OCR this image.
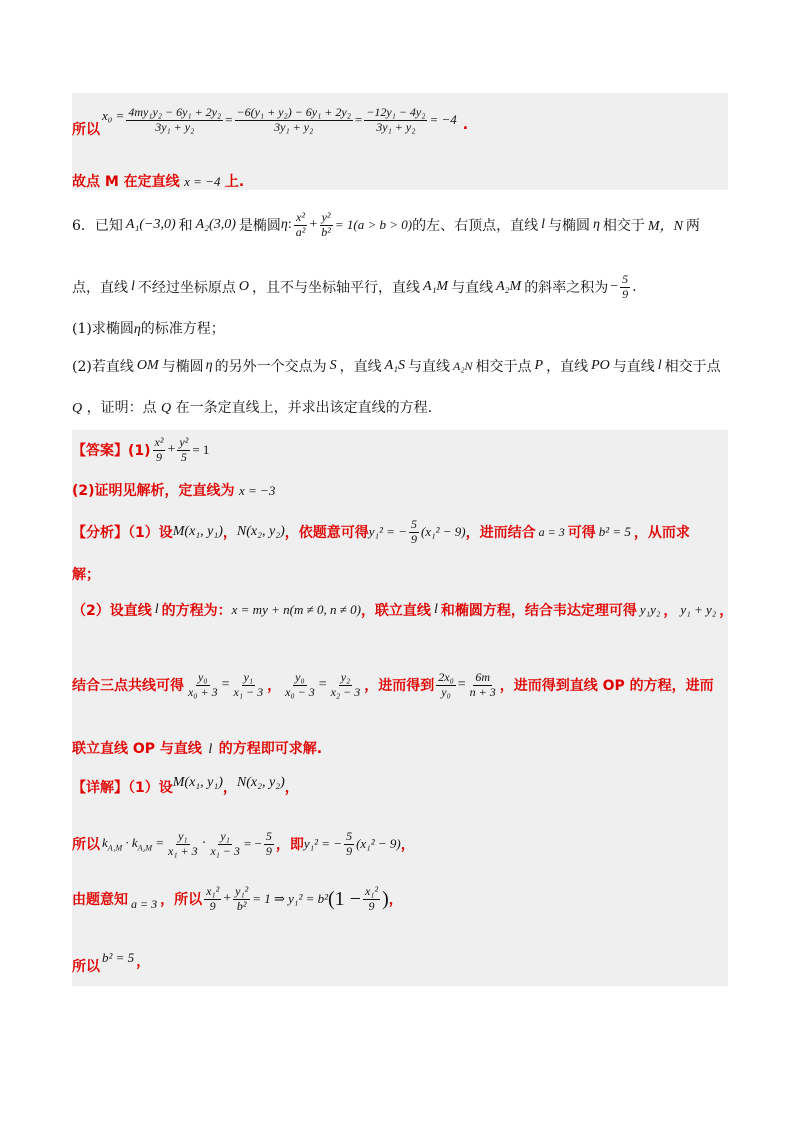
所以
$x_0 = \frac{\text{4my₁y₂ − 6y₁ + 2y₂}}{\text{3y₁ + y₂}} = \frac{\text{−6(y₁ + y₂) − 6y₁ + 2y₂}}{\text{3y₁ + y₂}} = \frac{\text{−12y₁ − 4y₂}}{\text{3y₁ + y₂}} = -4$ .
故点 M 在定直线 x = −4 上.
6．已知 A₁(−3,0) 和 A₂(3,0) 是椭圆 η : $\frac{\text{x²}}{\text{a²}} + \frac{\text{y²}}{\text{b²}} = 1(a > b > 0)$ 的左、右顶点，直线 l 与椭圆 η 相交于 M，N 两
点，直线 l 不经过坐标原点 O ，且不与坐标轴平行，直线 A₁M 与直线 A₂M 的斜率之积为 − $\frac{5}{9}$ .
(1)求椭圆η的标准方程；
(2)若直线 OM 与椭圆 η 的另外一个交点为 S ，直线 A₁S 与直线 A₂N 相交于点 P ，直线 PO 与直线 l 相交于点
Q ，证明：点 Q 在一条定直线上，并求出该定直线的方程.
【答案】$(1) \frac{\text{x²}}{9} + \frac{\text{y²}}{5} = 1$
(2)证明见解析，定直线为 x = −3
【分析】（1）设 M(x₁, y₁) ， N(x₂, y₂) ，依题意可得 y₁² = − $\frac{5}{9} (x_1^2 - 9)$ ，进而结合 a = 3 可得 b² = 5 ，从而求
解；
（2）设直线 l 的方程为： x = my + n(m ≠ 0, n ≠ 0) ，联立直线 l 和椭圆方程，结合韦达定理可得 y₁y₂ ， y₁ + y₂ ，
结合三点共线可得 $\frac{\text{y₀}}{\text{x₀ + 3}} = \frac{\text{y₁}}{\text{x₁ − 3}}$ ， $\frac{\text{y₀}}{\text{x₀ − 3}} = \frac{\text{y₂}}{\text{x₂ − 3}}$ ，进而得到 $\frac{\text{2x₀}}{\text{y₀}} = \frac{6m}{n + 3}$ ，进而得到直线 OP 的方程，进而
联立直线 OP 与直线 l 的方程即可求解.
【详解】（1）设 M(x₁, y₁) ， N(x₂, y₂) ，
所以 $k_{A_1M} \cdot k_{A_2M} = \frac{\text{y₁}}{\text{x₁ + 3}} \cdot \frac{\text{y₁}}{\text{x₁ − 3}}$ = − $\frac{5}{9}$ ，即 y₁² = − $\frac{5}{9} (x_1^2 - 9)$ ，
由题意知 a = 3 ，所以 $\frac{\text{x₁²}}{9} + \frac{\text{y₁²}}{\text{b²}} = 1$ ⇒ y₁² = b² ($1 - \frac{\text{x₁²}}{9}$ ) ，
所以
b² = 5 ，
